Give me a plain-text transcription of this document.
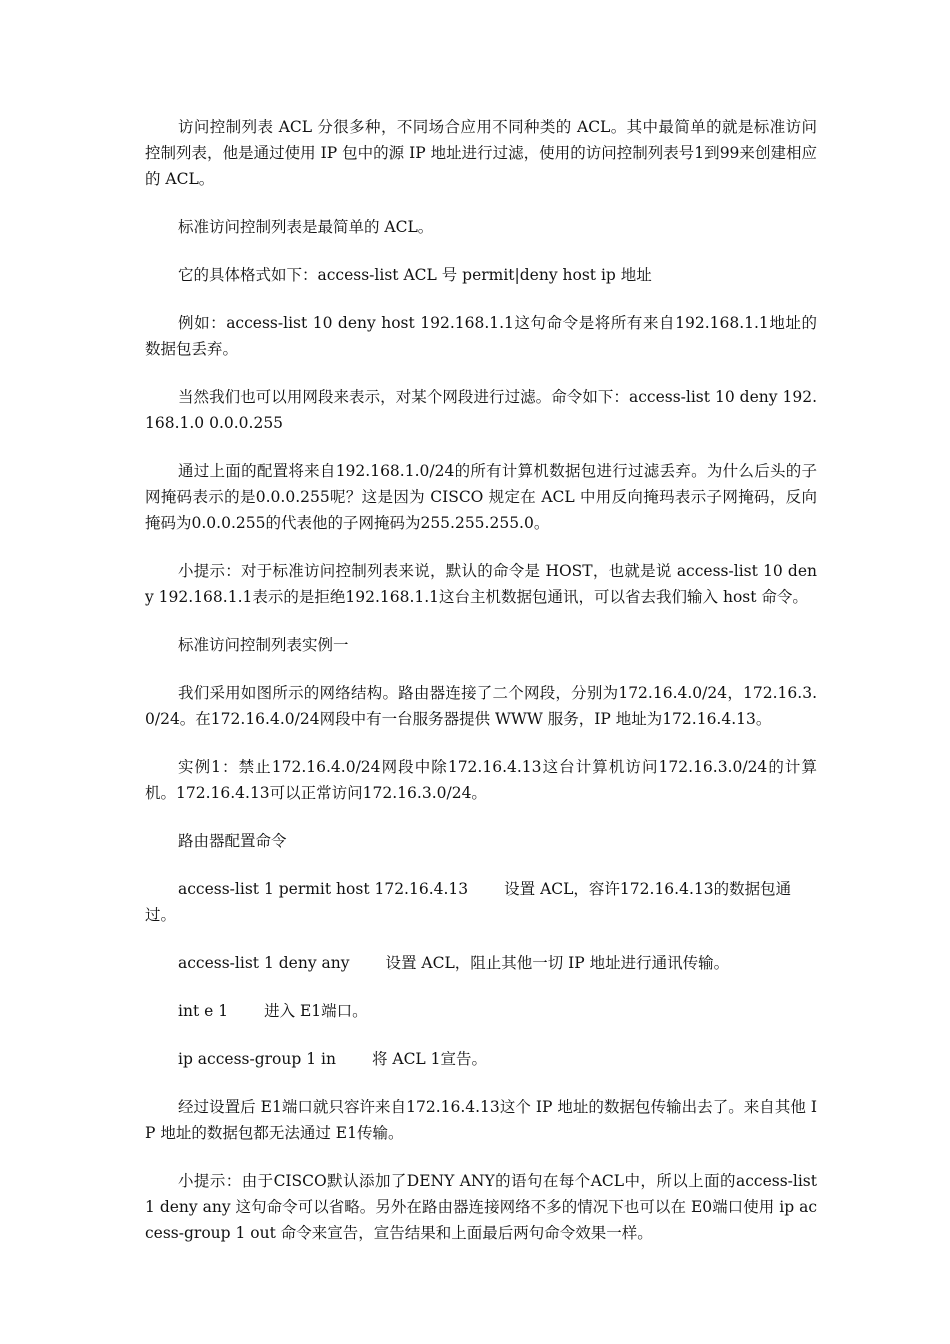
访问控制列表 ACL 分很多种，不同场合应用不同种类的 ACL。其中最简单的就是标准访问控制列表，他是通过使用 IP 包中的源 IP 地址进行过滤，使用的访问控制列表号1到99来创建相应的 ACL。

标准访问控制列表是最简单的 ACL。

它的具体格式如下：access-list ACL 号 permit|deny host ip 地址

例如：access-list 10 deny host 192.168.1.1这句命令是将所有来自192.168.1.1地址的数据包丢弃。

当然我们也可以用网段来表示，对某个网段进行过滤。命令如下：access-list 10 deny 192.168.1.0 0.0.0.255

通过上面的配置将来自192.168.1.0/24的所有计算机数据包进行过滤丢弃。为什么后头的子网掩码表示的是0.0.0.255呢？这是因为 CISCO 规定在 ACL 中用反向掩玛表示子网掩码，反向掩码为0.0.0.255的代表他的子网掩码为255.255.255.0。

小提示：对于标准访问控制列表来说，默认的命令是 HOST，也就是说 access-list 10 deny 192.168.1.1表示的是拒绝192.168.1.1这台主机数据包通讯，可以省去我们输入 host 命令。

标准访问控制列表实例一

我们采用如图所示的网络结构。路由器连接了二个网段，分别为172.16.4.0/24，172.16.3.0/24。在172.16.4.0/24网段中有一台服务器提供 WWW 服务，IP 地址为172.16.4.13。

实例1：禁止172.16.4.0/24网段中除172.16.4.13这台计算机访问172.16.3.0/24的计算机。172.16.4.13可以正常访问172.16.3.0/24。

路由器配置命令

access-list 1 permit host 172.16.4.13 设置 ACL，容许172.16.4.13的数据包通过。

access-list 1 deny any 设置 ACL，阻止其他一切 IP 地址进行通讯传输。

int e 1 进入 E1端口。

ip access-group 1 in 将 ACL 1宣告。

经过设置后 E1端口就只容许来自172.16.4.13这个 IP 地址的数据包传输出去了。来自其他 IP 地址的数据包都无法通过 E1传输。

小提示：由于CISCO默认添加了DENY ANY的语句在每个ACL中，所以上面的access-list 1 deny any 这句命令可以省略。另外在路由器连接网络不多的情况下也可以在 E0端口使用 ip access-group 1 out 命令来宣告，宣告结果和上面最后两句命令效果一样。
